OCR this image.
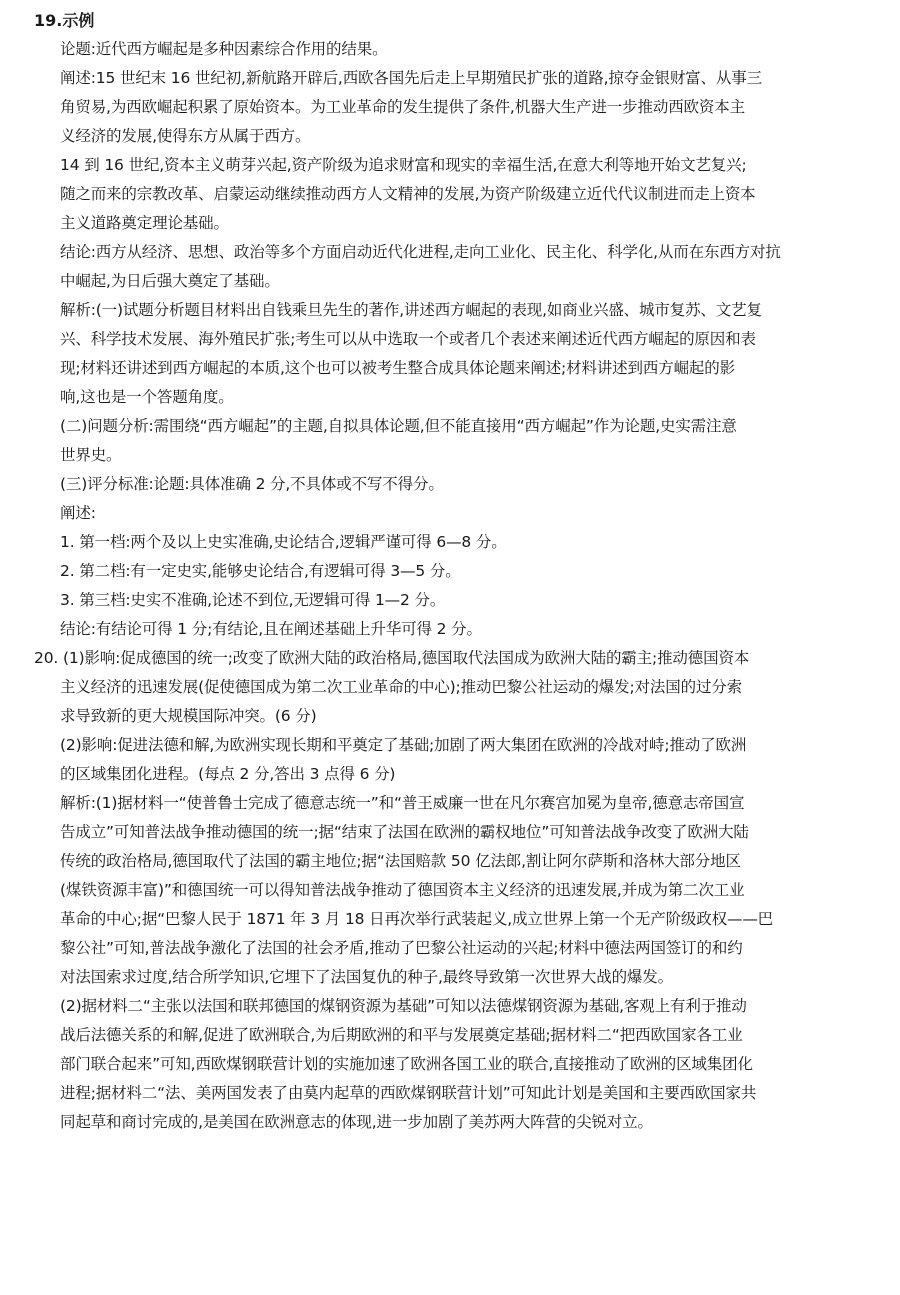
19.示例
论题:近代西方崛起是多种因素综合作用的结果。
阐述:15 世纪末 16 世纪初,新航路开辟后,西欧各国先后走上早期殖民扩张的道路,掠夺金银财富、从事三
角贸易,为西欧崛起积累了原始资本。为工业革命的发生提供了条件,机器大生产进一步推动西欧资本主
义经济的发展,使得东方从属于西方。
14 到 16 世纪,资本主义萌芽兴起,资产阶级为追求财富和现实的幸福生活,在意大利等地开始文艺复兴;
随之而来的宗教改革、启蒙运动继续推动西方人文精神的发展,为资产阶级建立近代代议制进而走上资本
主义道路奠定理论基础。
结论:西方从经济、思想、政治等多个方面启动近代化进程,走向工业化、民主化、科学化,从而在东西方对抗
中崛起,为日后强大奠定了基础。
解析:(一)试题分析题目材料出自钱乘旦先生的著作,讲述西方崛起的表现,如商业兴盛、城市复苏、文艺复
兴、科学技术发展、海外殖民扩张;考生可以从中选取一个或者几个表述来阐述近代西方崛起的原因和表
现;材料还讲述到西方崛起的本质,这个也可以被考生整合成具体论题来阐述;材料讲述到西方崛起的影
响,这也是一个答题角度。
(二)问题分析:需围绕“西方崛起”的主题,自拟具体论题,但不能直接用“西方崛起”作为论题,史实需注意
世界史。
(三)评分标准:论题:具体准确 2 分,不具体或不写不得分。
阐述:
1. 第一档:两个及以上史实准确,史论结合,逻辑严谨可得 6—8 分。
2. 第二档:有一定史实,能够史论结合,有逻辑可得 3—5 分。
3. 第三档:史实不准确,论述不到位,无逻辑可得 1—2 分。
结论:有结论可得 1 分;有结论,且在阐述基础上升华可得 2 分。
20. (1)影响:促成德国的统一;改变了欧洲大陆的政治格局,德国取代法国成为欧洲大陆的霸主;推动德国资本
主义经济的迅速发展(促使德国成为第二次工业革命的中心);推动巴黎公社运动的爆发;对法国的过分索
求导致新的更大规模国际冲突。(6 分)
(2)影响:促进法德和解,为欧洲实现长期和平奠定了基础;加剧了两大集团在欧洲的冷战对峙;推动了欧洲
的区域集团化进程。(每点 2 分,答出 3 点得 6 分)
解析:(1)据材料一“使普鲁士完成了德意志统一”和“普王威廉一世在凡尔赛宫加冕为皇帝,德意志帝国宣
告成立”可知普法战争推动德国的统一;据“结束了法国在欧洲的霸权地位”可知普法战争改变了欧洲大陆
传统的政治格局,德国取代了法国的霸主地位;据“法国赔款 50 亿法郎,割让阿尔萨斯和洛林大部分地区
(煤铁资源丰富)”和德国统一可以得知普法战争推动了德国资本主义经济的迅速发展,并成为第二次工业
革命的中心;据“巴黎人民于 1871 年 3 月 18 日再次举行武装起义,成立世界上第一个无产阶级政权——巴
黎公社”可知,普法战争激化了法国的社会矛盾,推动了巴黎公社运动的兴起;材料中德法两国签订的和约
对法国索求过度,结合所学知识,它埋下了法国复仇的种子,最终导致第一次世界大战的爆发。
(2)据材料二“主张以法国和联邦德国的煤钢资源为基础”可知以法德煤钢资源为基础,客观上有利于推动
战后法德关系的和解,促进了欧洲联合,为后期欧洲的和平与发展奠定基础;据材料二“把西欧国家各工业
部门联合起来”可知,西欧煤钢联营计划的实施加速了欧洲各国工业的联合,直接推动了欧洲的区域集团化
进程;据材料二“法、美两国发表了由莫内起草的西欧煤钢联营计划”可知此计划是美国和主要西欧国家共
同起草和商讨完成的,是美国在欧洲意志的体现,进一步加剧了美苏两大阵营的尖锐对立。
